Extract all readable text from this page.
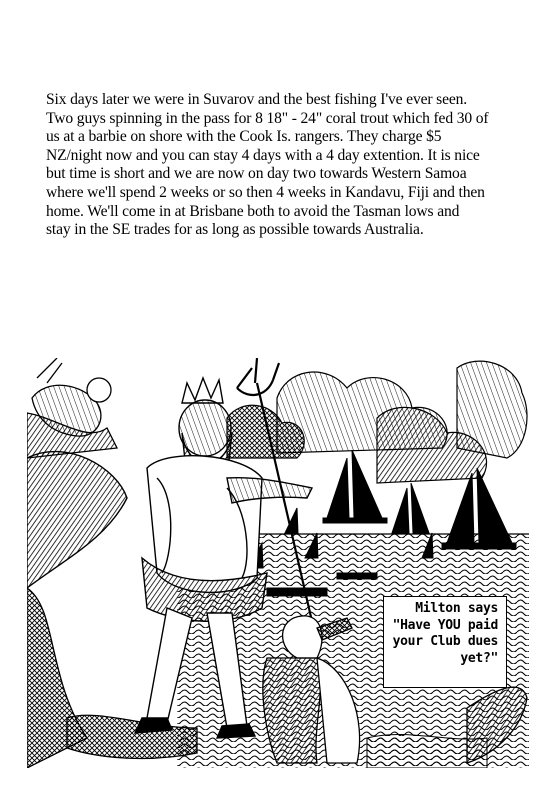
Six days later we were in Suvarov and the best fishing I've ever seen.
Two guys spinning in the pass for 8 18" - 24" coral trout which fed 30 of
us at a barbie on shore with the Cook Is. rangers. They charge $5
NZ/night now and you can stay 4 days with a 4 day extention. It is nice
but time is short and we are now on day two towards Western Samoa
where we'll spend 2 weeks or so then 4 weeks in Kandavu, Fiji and then
home. We'll come in at Brisbane both to avoid the Tasman lows and
stay in the SE trades for as long as possible towards Australia.
Milton says
"Have YOU paid
your Club dues
yet?"
